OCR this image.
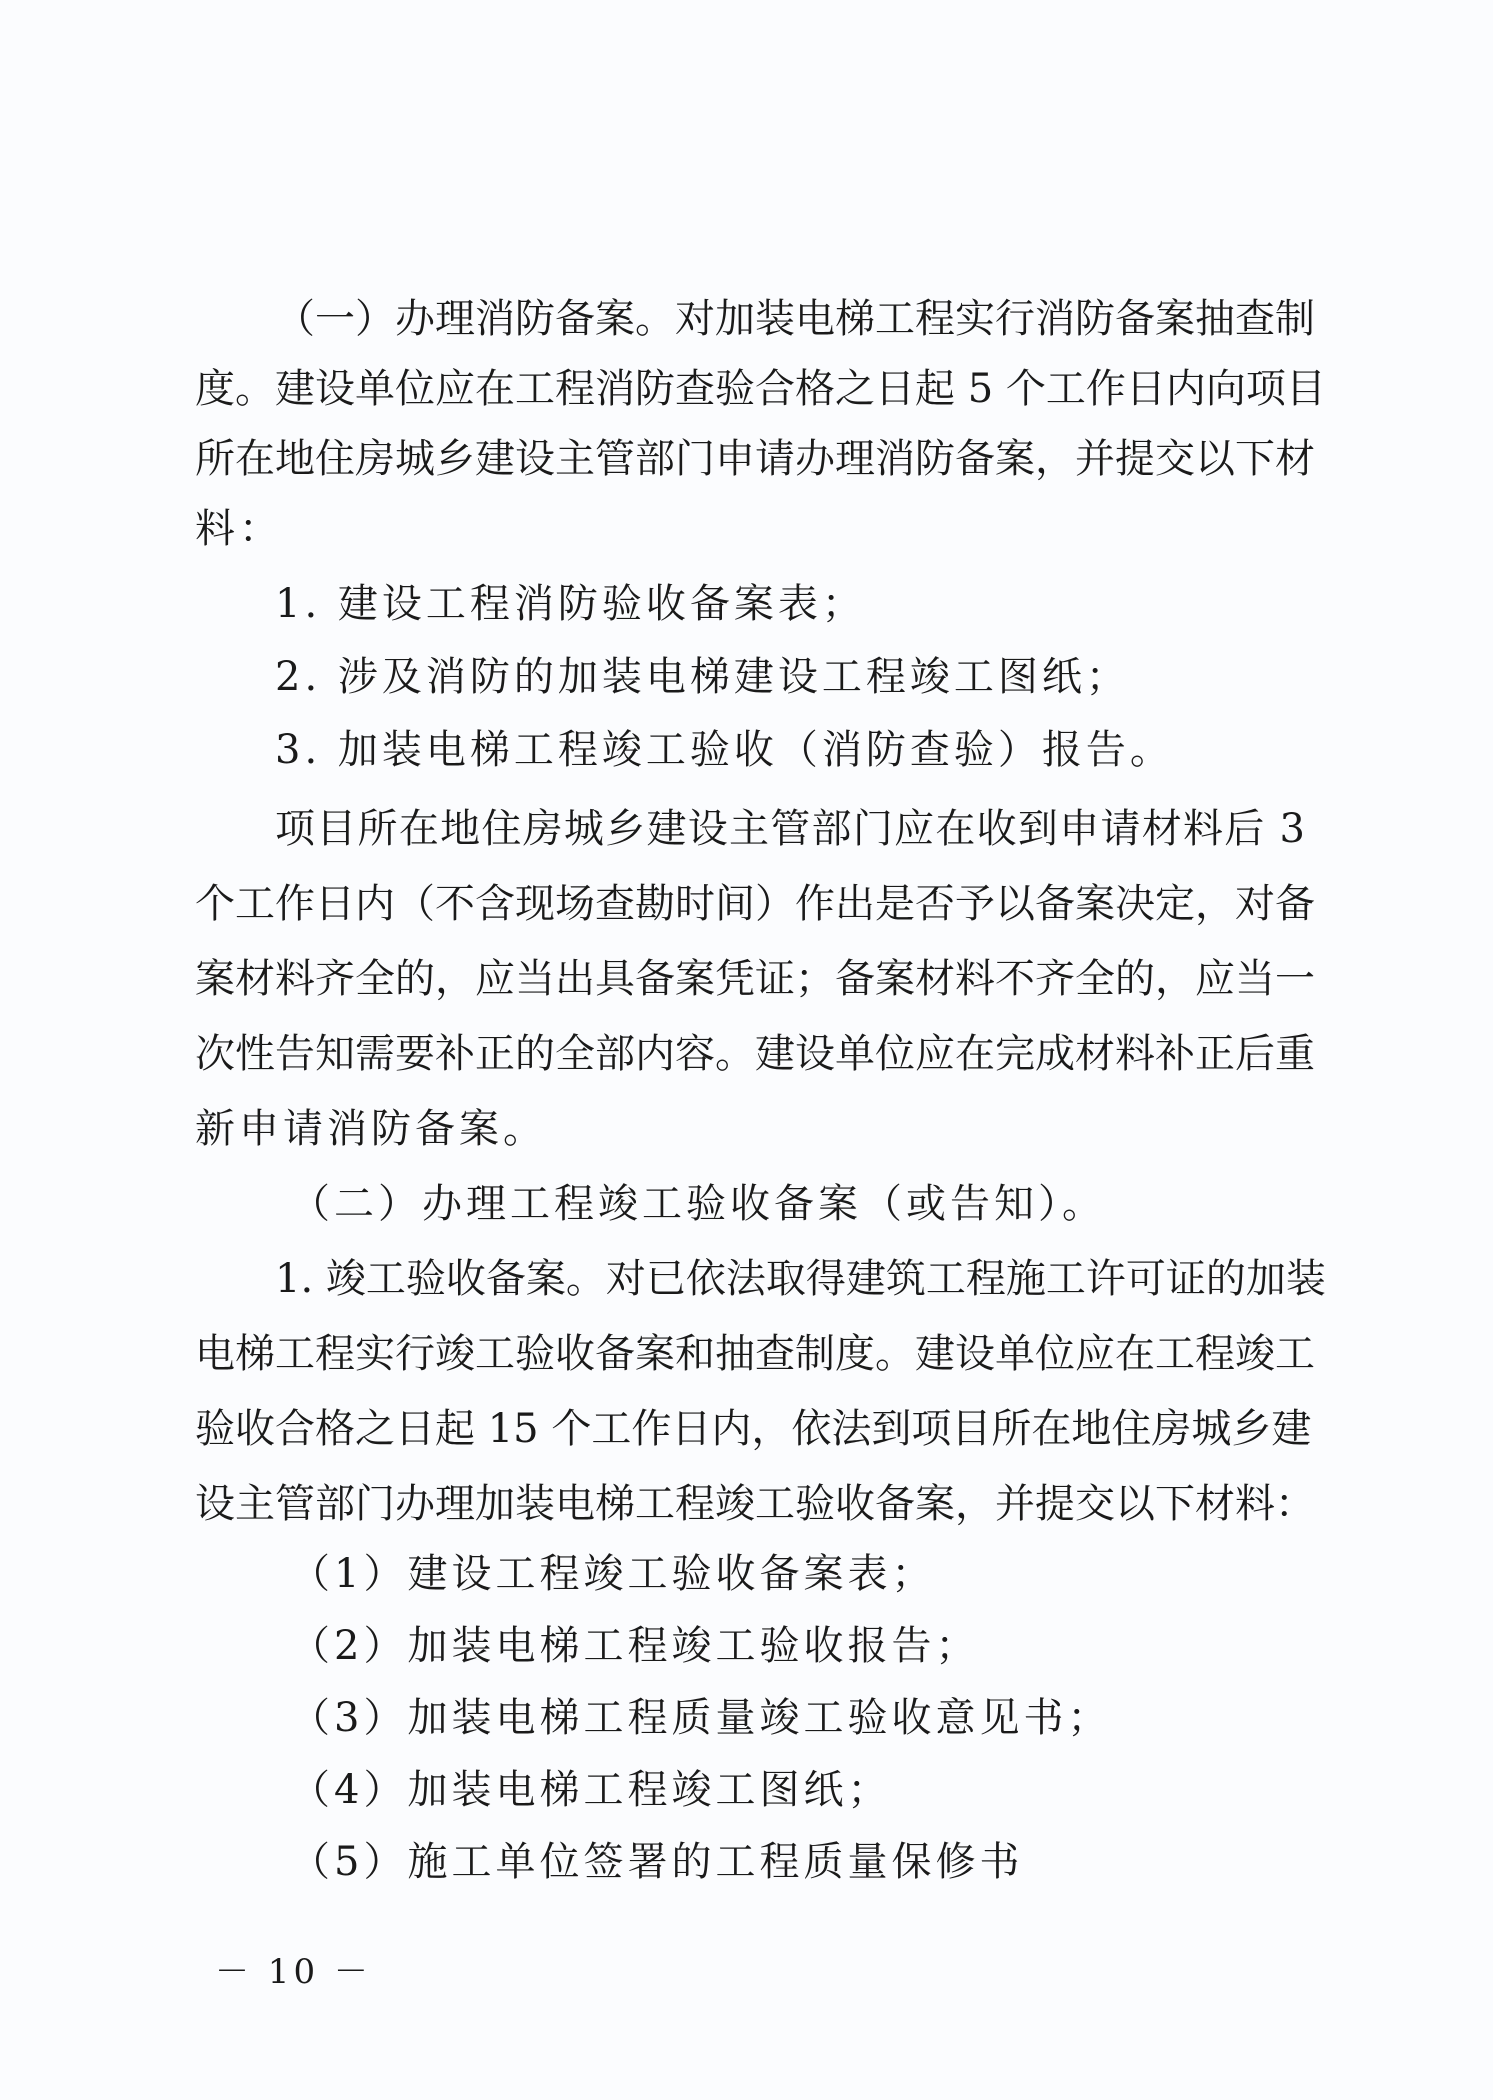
（一）办理消防备案。对加装电梯工程实行消防备案抽查制
度。建设单位应在工程消防查验合格之日起 5 个工作日内向项目
所在地住房城乡建设主管部门申请办理消防备案，并提交以下材
料：
1. 建设工程消防验收备案表；
2. 涉及消防的加装电梯建设工程竣工图纸；
3. 加装电梯工程竣工验收（消防查验）报告。
项目所在地住房城乡建设主管部门应在收到申请材料后 3
个工作日内（不含现场查勘时间）作出是否予以备案决定，对备
案材料齐全的，应当出具备案凭证；备案材料不齐全的，应当一
次性告知需要补正的全部内容。建设单位应在完成材料补正后重
新申请消防备案。
（二）办理工程竣工验收备案（或告知）。
1. 竣工验收备案。对已依法取得建筑工程施工许可证的加装
电梯工程实行竣工验收备案和抽查制度。建设单位应在工程竣工
验收合格之日起 15 个工作日内，依法到项目所在地住房城乡建
设主管部门办理加装电梯工程竣工验收备案，并提交以下材料：
（1）建设工程竣工验收备案表；
（2）加装电梯工程竣工验收报告；
（3）加装电梯工程质量竣工验收意见书；
（4）加装电梯工程竣工图纸；
（5）施工单位签署的工程质量保修书
－ 10 －
